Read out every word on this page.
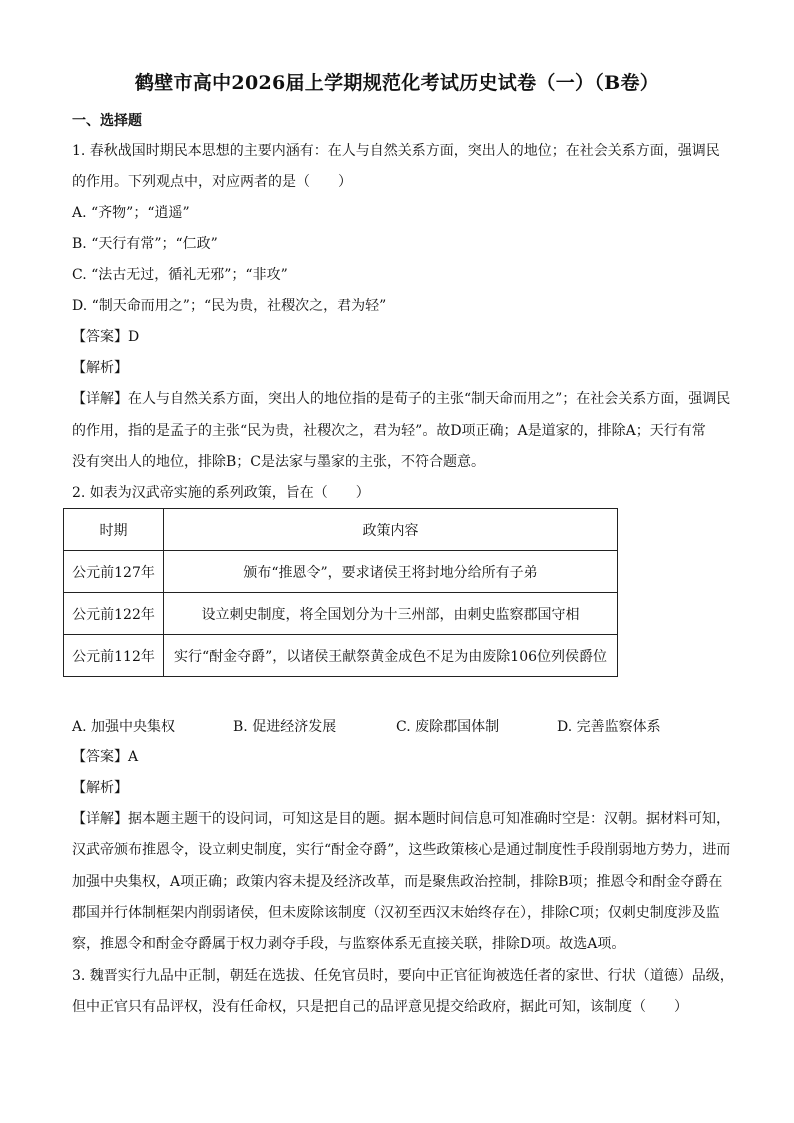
鹤壁市高中2026届上学期规范化考试历史试卷（一）（B卷）
一、选择题
1. 春秋战国时期民本思想的主要内涵有：在人与自然关系方面，突出人的地位；在社会关系方面，强调民
的作用。下列观点中，对应两者的是（　　）
A. “齐物”；“逍遥”
B. “天行有常”；“仁政”
C. “法古无过，循礼无邪”；“非攻”
D. “制天命而用之”；“民为贵，社稷次之，君为轻”
【答案】D
【解析】
【详解】在人与自然关系方面，突出人的地位指的是荀子的主张“制天命而用之”；在社会关系方面，强调民
的作用，指的是孟子的主张“民为贵，社稷次之，君为轻”。故D项正确；A是道家的，排除A；天行有常
没有突出人的地位，排除B；C是法家与墨家的主张，不符合题意。
2. 如表为汉武帝实施的系列政策，旨在（　　）
时期	政策内容
公元前127年	颁布“推恩令”，要求诸侯王将封地分给所有子弟
公元前122年	设立刺史制度，将全国划分为十三州部，由刺史监察郡国守相
公元前112年	实行“酎金夺爵”，以诸侯王献祭黄金成色不足为由废除106位列侯爵位
A. 加强中央集权	B. 促进经济发展	C. 废除郡国体制	D. 完善监察体系
【答案】A
【解析】
【详解】据本题主题干的设问词，可知这是目的题。据本题时间信息可知准确时空是：汉朝。据材料可知，
汉武帝颁布推恩令，设立刺史制度，实行“酎金夺爵”，这些政策核心是通过制度性手段削弱地方势力，进而
加强中央集权，A项正确；政策内容未提及经济改革，而是聚焦政治控制，排除B项；推恩令和酎金夺爵在
郡国并行体制框架内削弱诸侯，但未废除该制度（汉初至西汉末始终存在），排除C项；仅刺史制度涉及监
察，推恩令和酎金夺爵属于权力剥夺手段，与监察体系无直接关联，排除D项。故选A项。
3. 魏晋实行九品中正制，朝廷在选拔、任免官员时，要向中正官征询被选任者的家世、行状（道德）品级，
但中正官只有品评权，没有任命权，只是把自己的品评意见提交给政府，据此可知，该制度（　　）
